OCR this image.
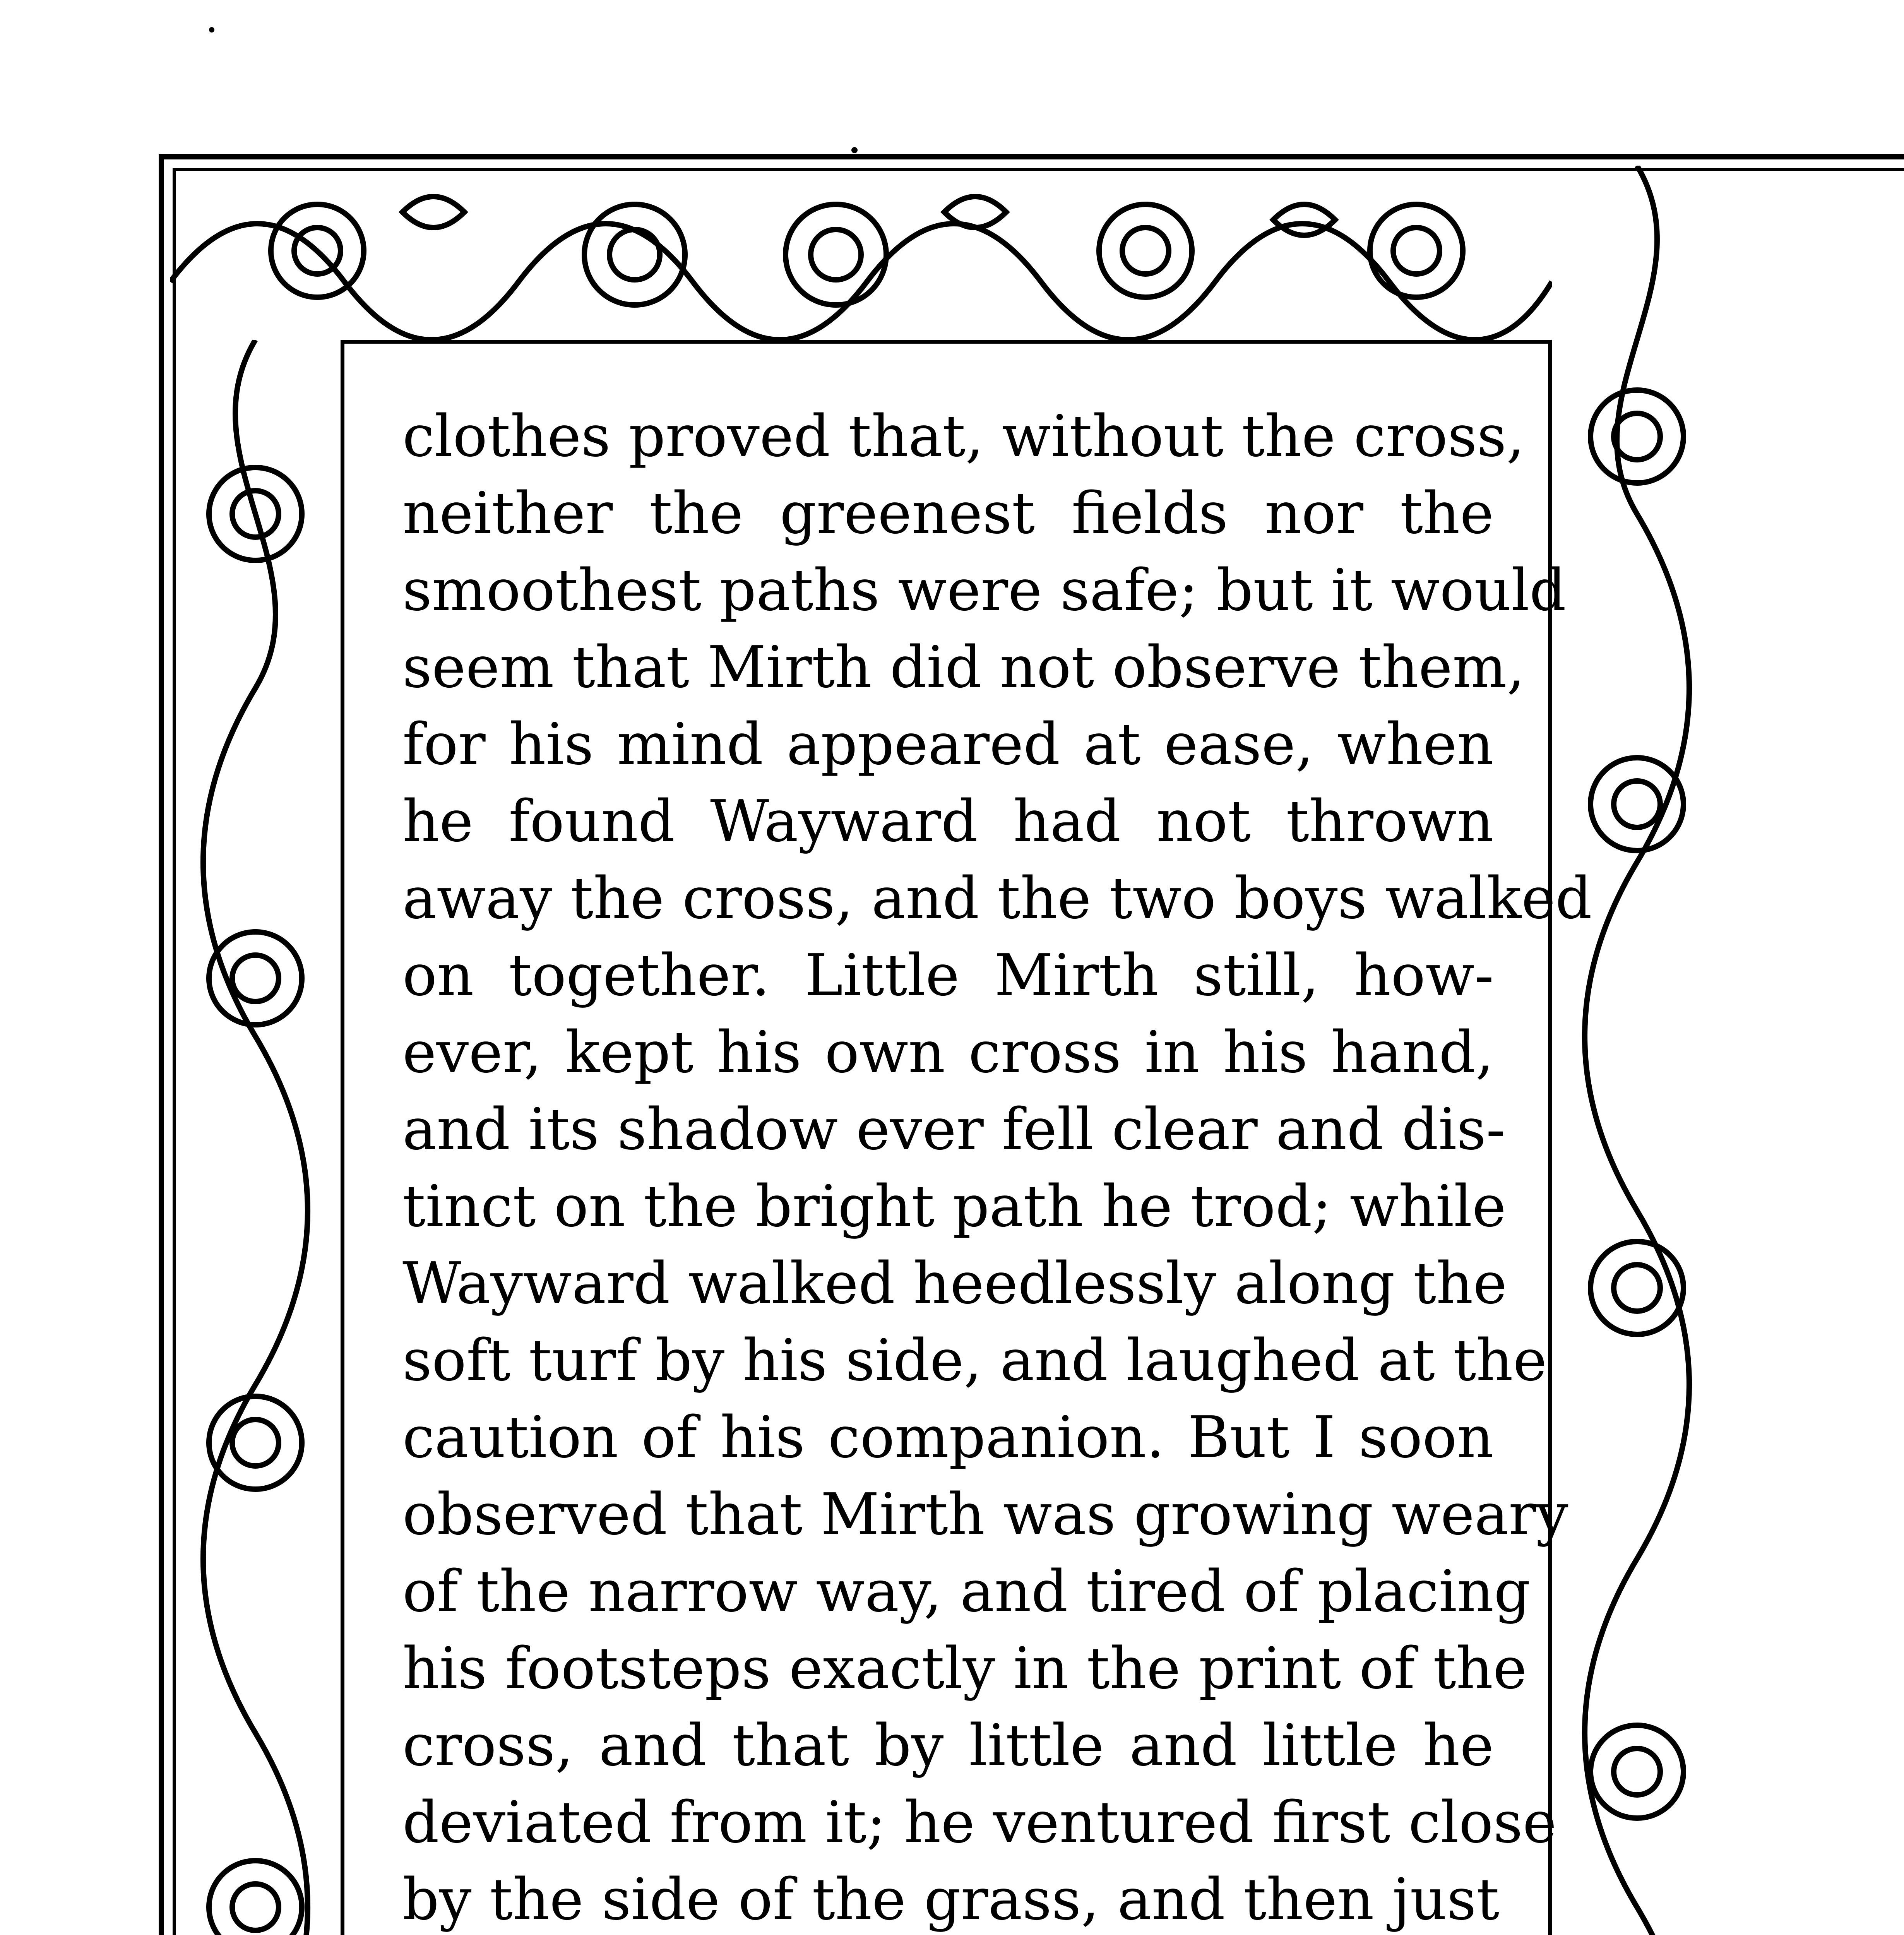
clothes proved that, without the cross,
neither the greenest fields nor the
smoothest paths were safe; but it would
seem that Mirth did not observe them,
for his mind appeared at ease, when
he found Wayward had not thrown
away the cross, and the two boys walked
on together. Little Mirth still, how-
ever, kept his own cross in his hand,
and its shadow ever fell clear and dis-
tinct on the bright path he trod; while
Wayward walked heedlessly along the
soft turf by his side, and laughed at the
caution of his companion. But I soon
observed that Mirth was growing weary
of the narrow way, and tired of placing
his footsteps exactly in the print of the
cross, and that by little and little he
deviated from it; he ventured first close
by the side of the grass, and then just
